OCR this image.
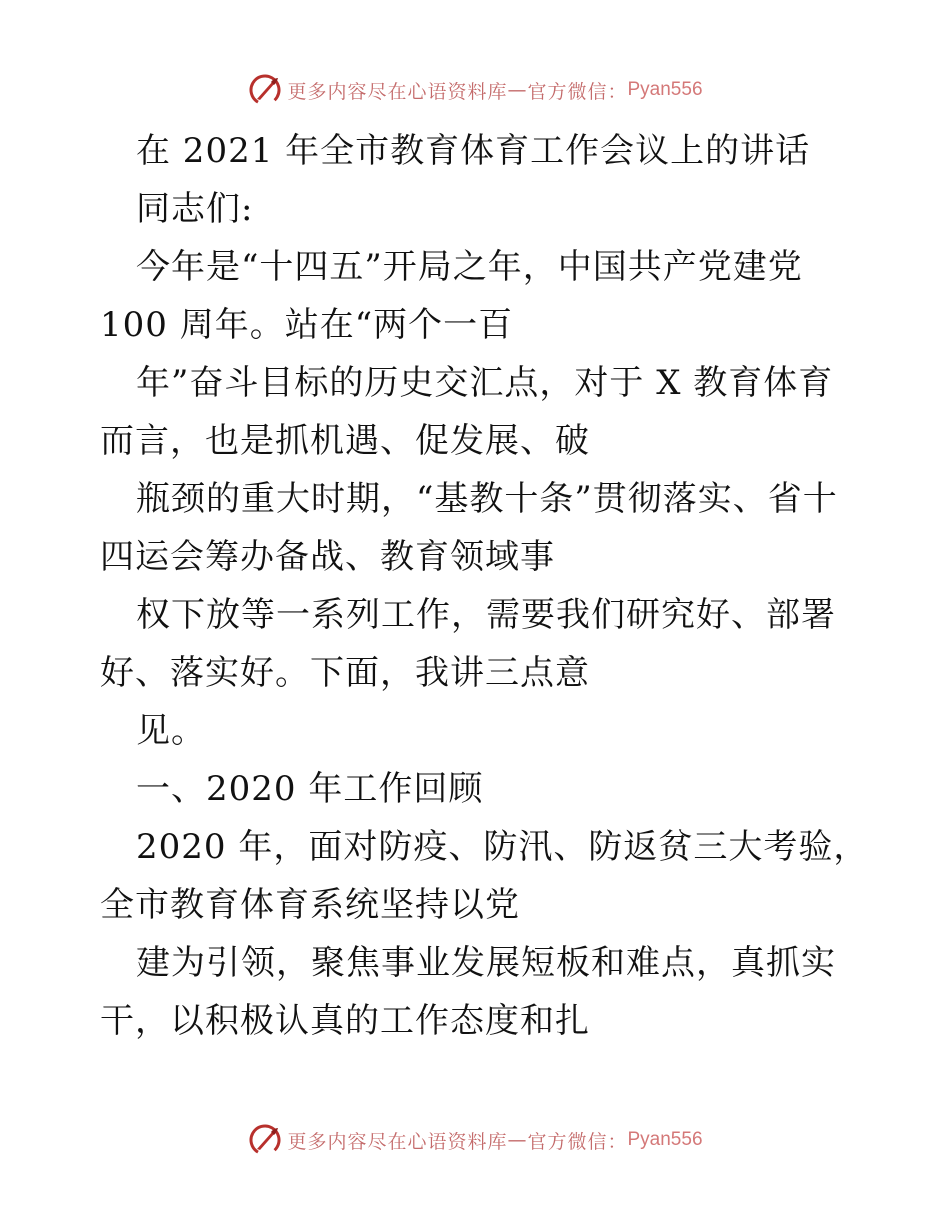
更多内容尽在心语资料库 — 官方微信： Pyan556
在 2021 年全市教育体育工作会议上的讲话
同志们:
今年是“十四五”开局之年，中国共产党建党
100 周年。站在“两个一百
年”奋斗目标的历史交汇点，对于 X 教育体育
而言，也是抓机遇、促发展、破
瓶颈的重大时期，“基教十条”贯彻落实、省十
四运会筹办备战、教育领域事
权下放等一系列工作，需要我们研究好、部署
好、落实好。下面，我讲三点意
见。
一、2020 年工作回顾
2020 年，面对防疫、防汛、防返贫三大考验，
全市教育体育系统坚持以党
建为引领，聚焦事业发展短板和难点，真抓实
干，以积极认真的工作态度和扎
更多内容尽在心语资料库 — 官方微信： Pyan556
